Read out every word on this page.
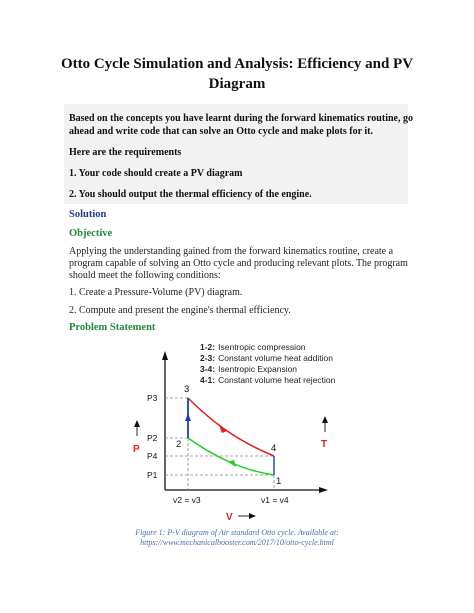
Otto Cycle Simulation and Analysis: Efficiency and PV
Diagram
Based on the concepts you have learnt during the forward kinematics routine, go
ahead and write code that can solve an Otto cycle and make plots for it.
Here are the requirements
1. Your code should create a PV diagram
2. You should output the thermal efficiency of the engine.
Solution
Objective
Applying the understanding gained from the forward kinematics routine, create a
program capable of solving an Otto cycle and producing relevant plots. The program
should meet the following conditions:
1. Create a Pressure-Volume (PV) diagram.
2. Compute and present the engine's thermal efficiency.
Problem Statement
1-2: Isentropic compression
2-3: Constant volume heat addition
3-4: Isentropic Expansion
4-1: Constant volume heat rejection
3
2	4
1
P3
P2
P4
P1
v2 = v3	v1 = v4
P	T
V
Figure 1: P-V diagram of Air standard Otto cycle. Available at:
https://www.mechanicalbooster.com/2017/10/otto-cycle.html
